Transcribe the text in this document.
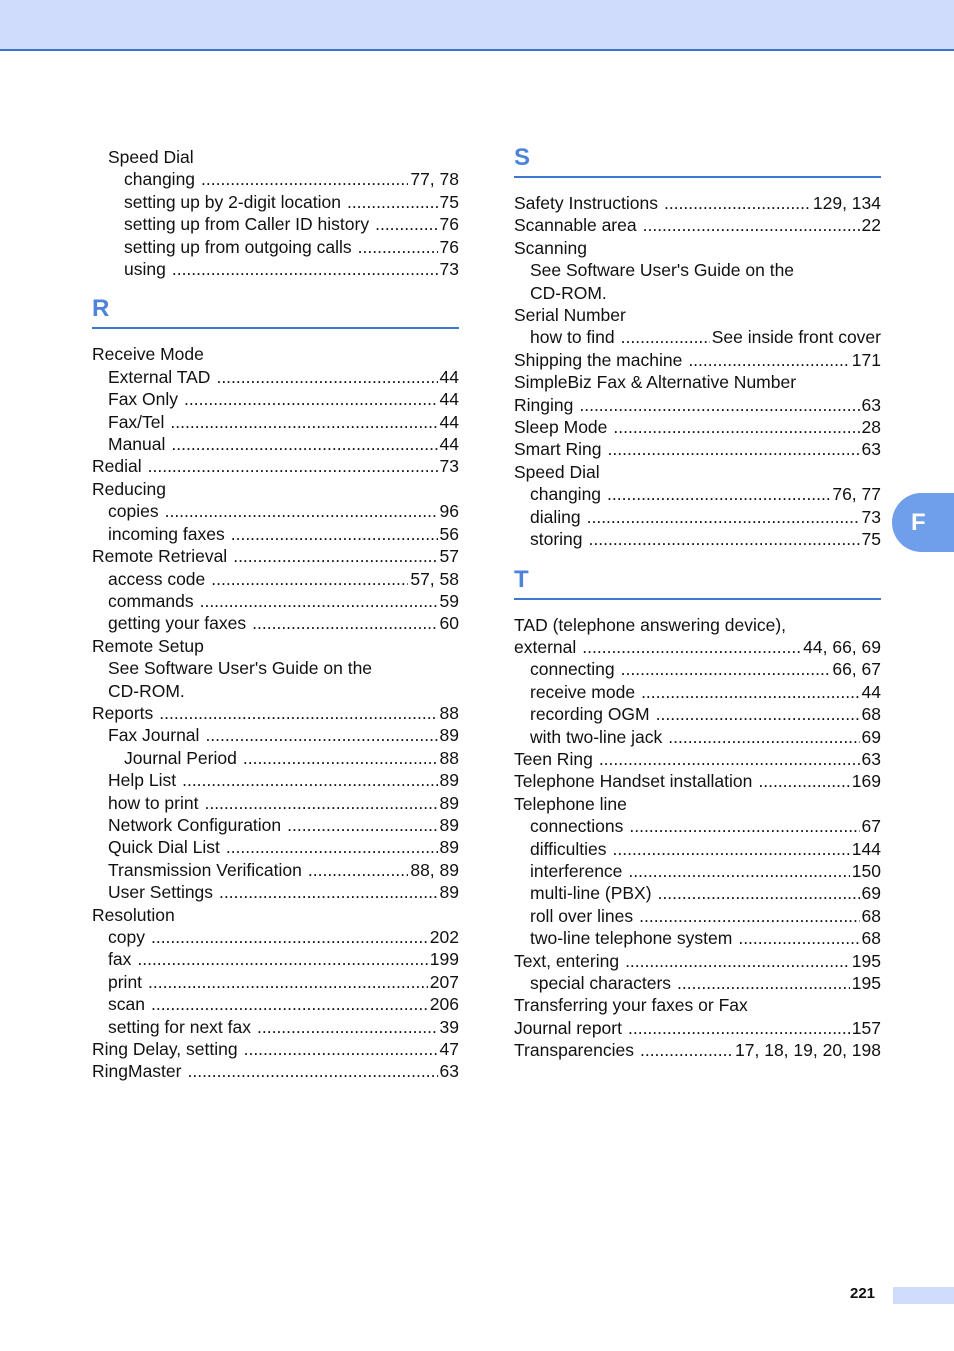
F
Speed Dial
changing .....	77, 78
setting up by 2-digit location .....	75
setting up from Caller ID history .....	76
setting up from outgoing calls .....	76
using .....	73
R
Receive Mode
External TAD .....	44
Fax Only .....	44
Fax/Tel .....	44
Manual .....	44
Redial .....	73
Reducing
copies .....	96
incoming faxes .....	56
Remote Retrieval .....	57
access code .....	57, 58
commands .....	59
getting your faxes .....	60
Remote Setup
See Software User's Guide on the
CD-ROM.
Reports .....	88
Fax Journal .....	89
Journal Period .....	88
Help List .....	89
how to print .....	89
Network Configuration .....	89
Quick Dial List .....	89
Transmission Verification .....	88, 89
User Settings .....	89
Resolution
copy .....	202
fax .....	199
print .....	207
scan .....	206
setting for next fax .....	39
Ring Delay, setting .....	47
RingMaster .....	63
S
Safety Instructions .....	129, 134
Scannable area .....	22
Scanning
See Software User's Guide on the
CD-ROM.
Serial Number
how to find .....	See inside front cover
Shipping the machine .....	171
SimpleBiz Fax & Alternative Number
Ringing .....	63
Sleep Mode .....	28
Smart Ring .....	63
Speed Dial
changing .....	76, 77
dialing .....	73
storing .....	75
T
TAD (telephone answering device),
external .....	44, 66, 69
connecting .....	66, 67
receive mode .....	44
recording OGM .....	68
with two-line jack .....	69
Teen Ring .....	63
Telephone Handset installation .....	169
Telephone line
connections .....	67
difficulties .....	144
interference .....	150
multi-line (PBX) .....	69
roll over lines .....	68
two-line telephone system .....	68
Text, entering .....	195
special characters .....	195
Transferring your faxes or Fax
Journal report .....	157
Transparencies .....	17, 18, 19, 20, 198
221
